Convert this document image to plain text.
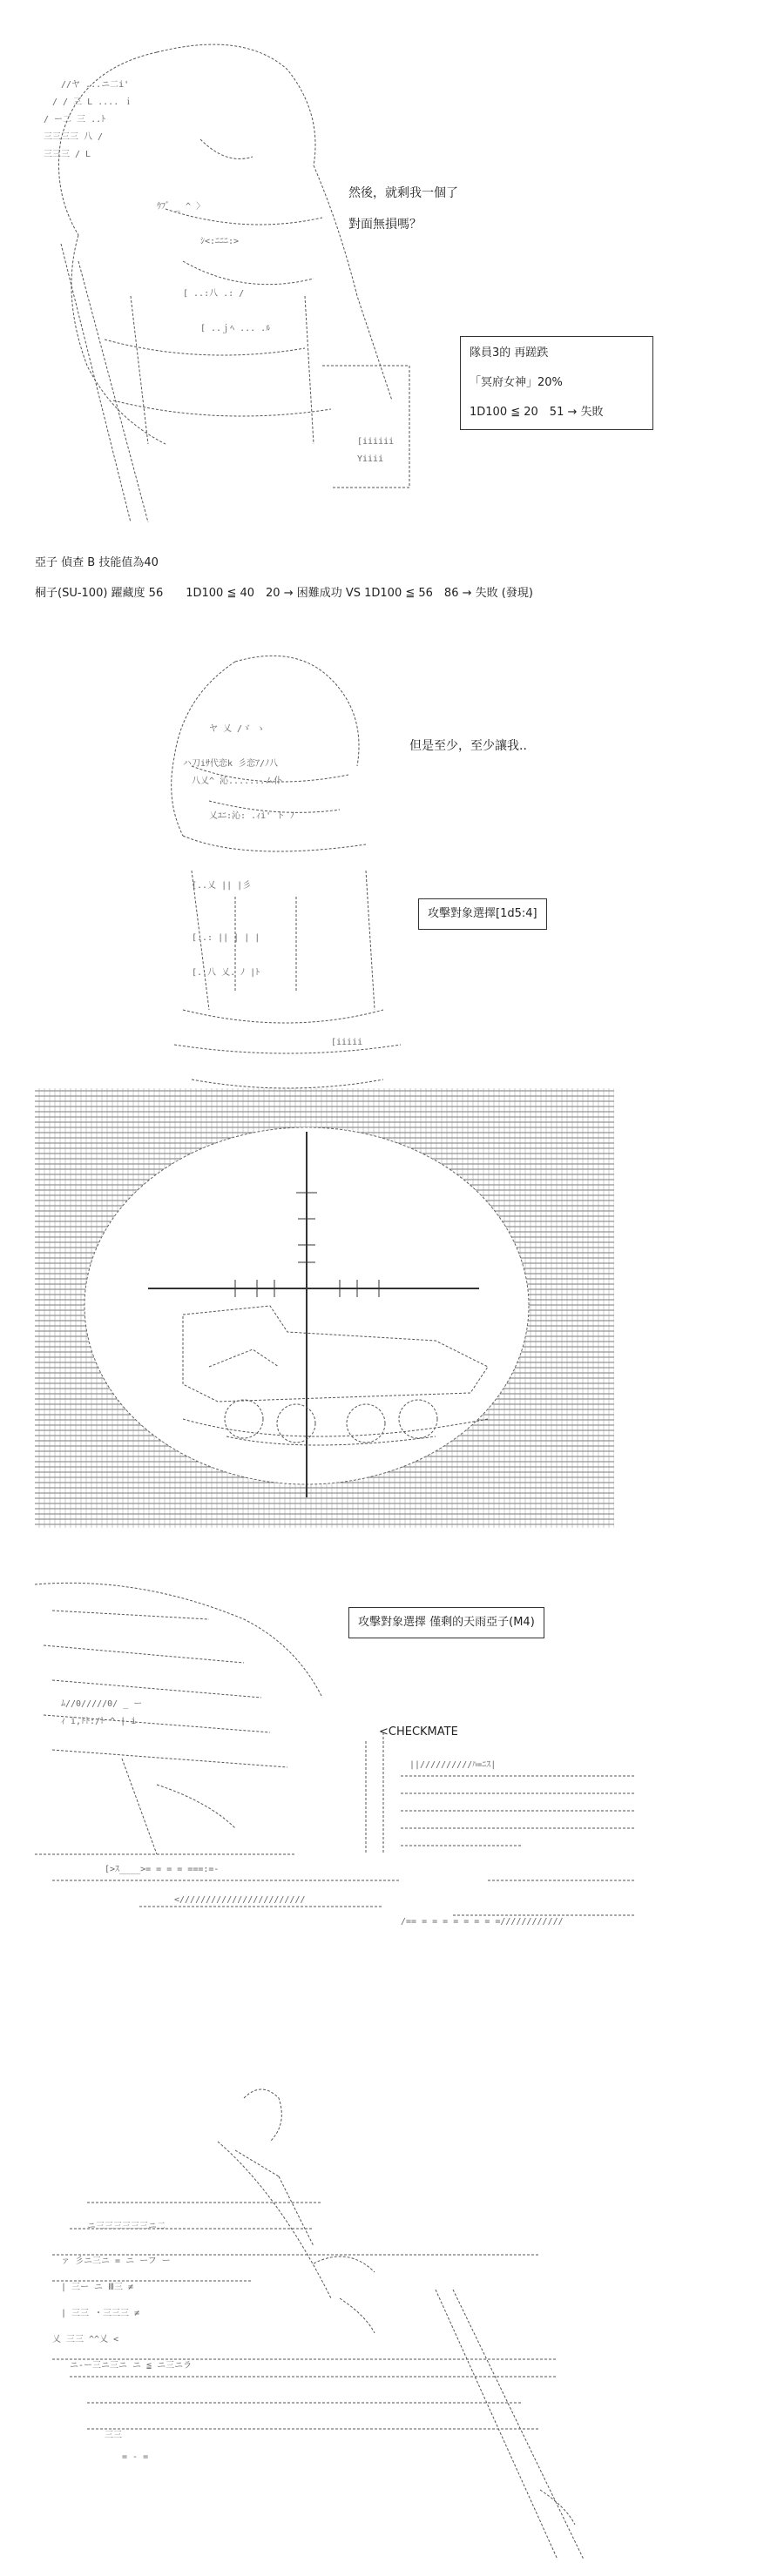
//ヤ ...ニ二i'
/ / 三 L .... ｉ
/ ー二 三 ..ﾄ
三三三三 八 /
三三三 / L
ｳﾌﾞ _ ^ 〉
ｼ<:ﾆﾆﾆ:>
[ ..:八 .: /
[ ..ｊﾍ ... .ﾙ
[iiiiii
Yiiii
然後，就剩我一個了
對面無損嗎？
隊員3的 再蹉跌
「冥府女神」20%
1D100 ≦ 20　51 → 失敗
亞子 偵查 B 技能值為40
桐子(SU-100) 躍藏度 56　　1D100 ≦ 40　20 → 困難成功 VS 1D100 ≦ 56　86 → 失敗 (發現)
ヤ 乂 /ゞ ゝ
ハ刀iｻ代恋k 彡恋ｱ/ﾉ八
八乂^ 沁.......ム仆
乂ﾕﾆ:沁: .ｨi' ト ﾉ
[..乂 || |彡
[..: || | | |
[..八 乂. ﾉ |ﾄ
[iiiii
但是至少，至少讓我..
攻擊對象選擇[1d5:4]
ﾑ//0/////0/ _ ー
ｨ i,ﾄﾄ:/ﾄ ^ | i
[>ｽ____>= = = = ===:=-
<////////////////////////
/== = = = = = = = =////////////
||//////////ﾊ=ﾆｽ|
攻擊對象選擇 僅剩的天雨亞子(M4)
<CHECKMATE
ニ三三三三三三ニ二
ァ 彡ニ三ニ = ニ ーフ ー
| 三ー ニ Ⅲ三 ≠
| 三三 ・三三三 ≠
乂 三三 ^^乂 <
ニ-ー三ニ三ニ ニ ≦ ニ三ニラ
三三
= - =
